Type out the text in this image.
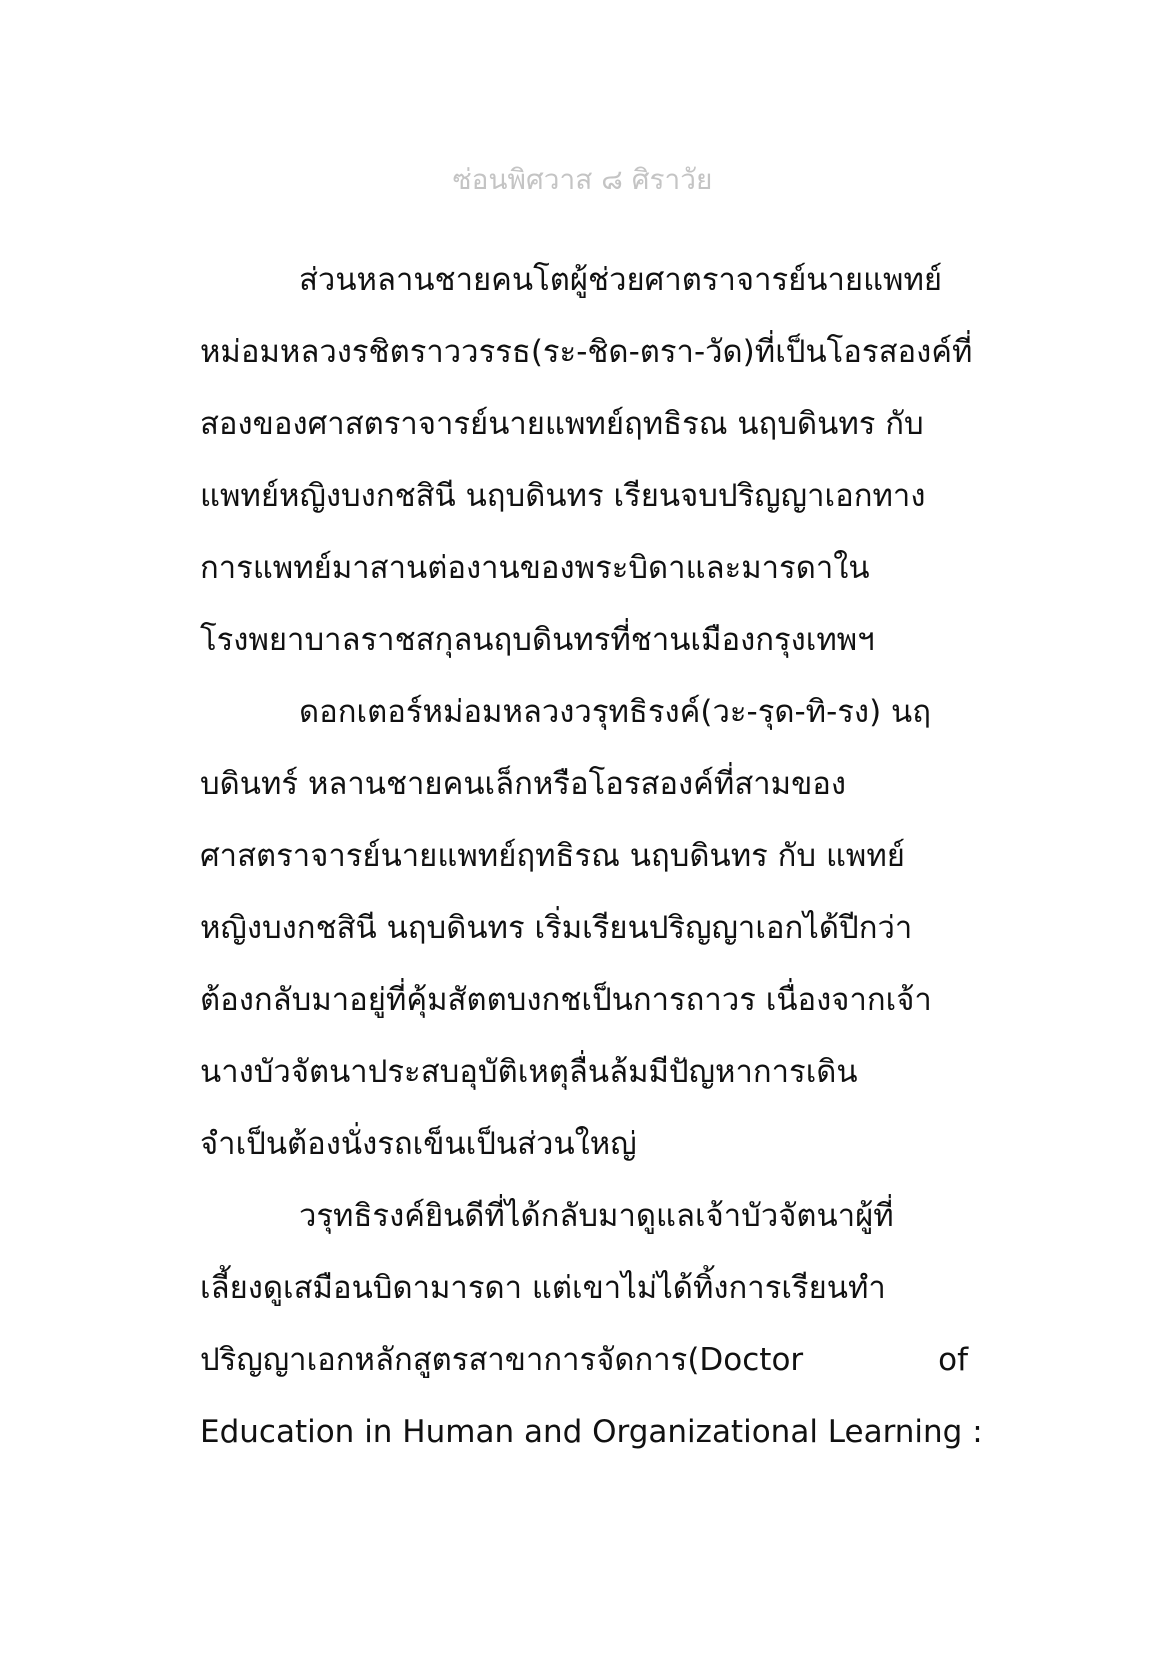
ซ่อนพิศวาส ๘ ศิราวัย
ส่วนหลานชายคนโตผู้ช่วยศาตราจารย์นายแพทย์
หม่อมหลวงรชิตราววรรธ(ระ-ชิด-ตรา-วัด)ที่เป็นโอรสองค์ที่
สองของศาสตราจารย์นายแพทย์ฤทธิรณ นฤบดินทร กับ
แพทย์หญิงบงกชสินี นฤบดินทร เรียนจบปริญญาเอกทาง
การแพทย์มาสานต่องานของพระบิดาและมารดาใน
โรงพยาบาลราชสกุลนฤบดินทรที่ชานเมืองกรุงเทพฯ
ดอกเตอร์หม่อมหลวงวรุทธิรงค์(วะ-รุด-ทิ-รง) นฤ
บดินทร์ หลานชายคนเล็กหรือโอรสองค์ที่สามของ
ศาสตราจารย์นายแพทย์ฤทธิรณ นฤบดินทร กับ แพทย์
หญิงบงกชสินี นฤบดินทร เริ่มเรียนปริญญาเอกได้ปีกว่า
ต้องกลับมาอยู่ที่คุ้มสัตตบงกชเป็นการถาวร เนื่องจากเจ้า
นางบัวจัตนาประสบอุบัติเหตุลื่นล้มมีปัญหาการเดิน
จำเป็นต้องนั่งรถเข็นเป็นส่วนใหญ่
วรุทธิรงค์ยินดีที่ได้กลับมาดูแลเจ้าบัวจัตนาผู้ที่
เลี้ยงดูเสมือนบิดามารดา แต่เขาไม่ได้ทิ้งการเรียนทำ
ปริญญาเอกหลักสูตรสาขาการจัดการ(Doctor	of
Education in Human and Organizational Learning :
